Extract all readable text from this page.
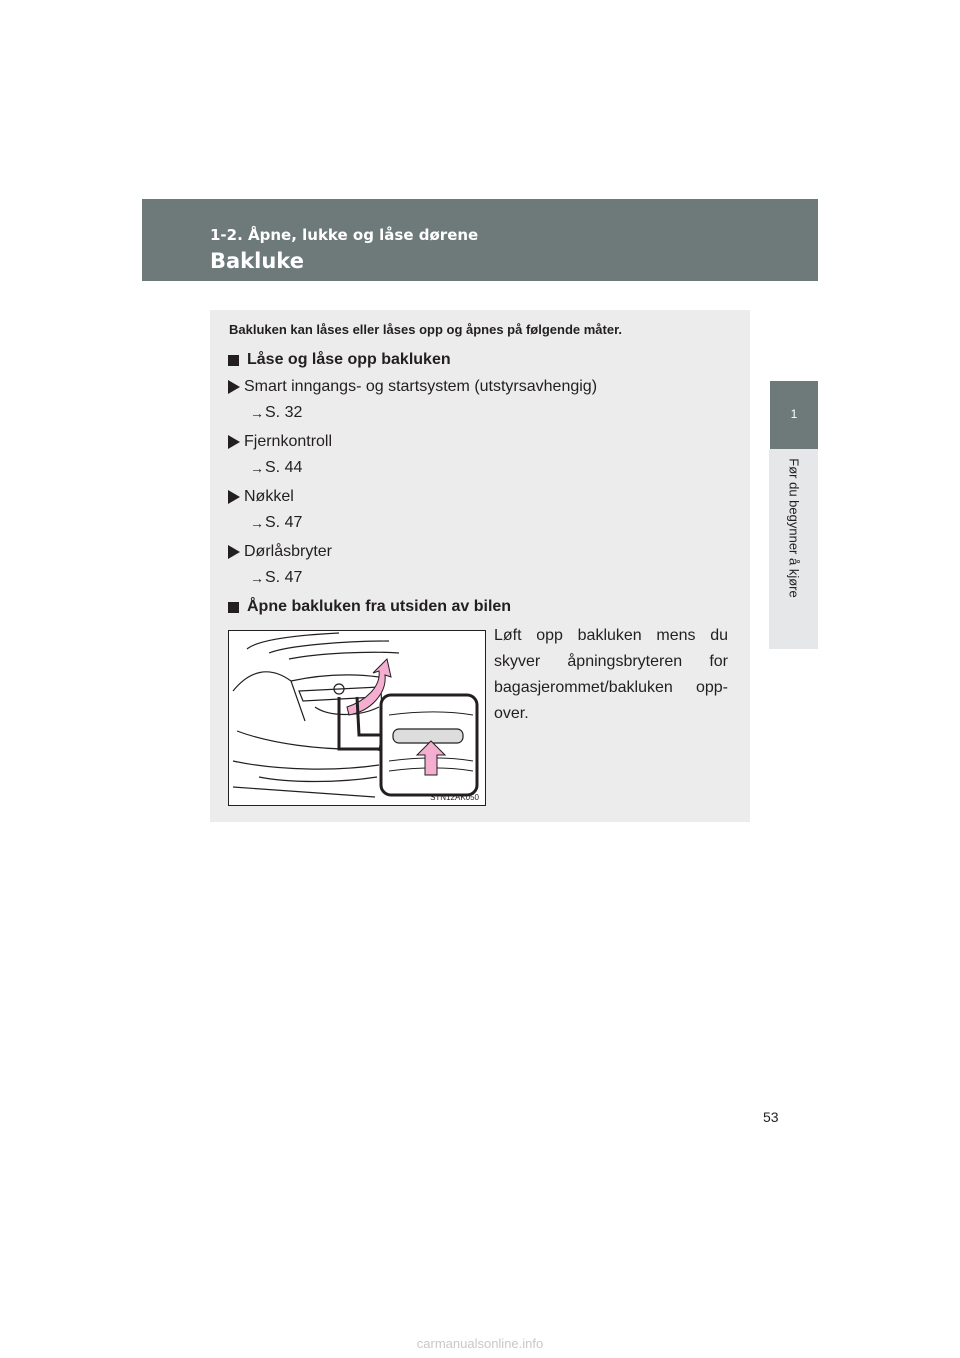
1-2. Åpne, lukke og låse dørene
Bakluke
1
Før du begynner å kjøre
Bakluken kan låses eller låses opp og åpnes på følgende måter.
Låse og låse opp bakluken
Smart inngangs- og startsystem (utstyrsavhengig)
→ S. 32
Fjernkontroll
→ S. 44
Nøkkel
→ S. 47
Dørlåsbryter
→ S. 47
Åpne bakluken fra utsiden av bilen
Løft opp bakluken mens du skyver åpningsbryteren for bagasjerommet/bakluken opp-over.
STN12AK050
53
carmanualsonline.info
